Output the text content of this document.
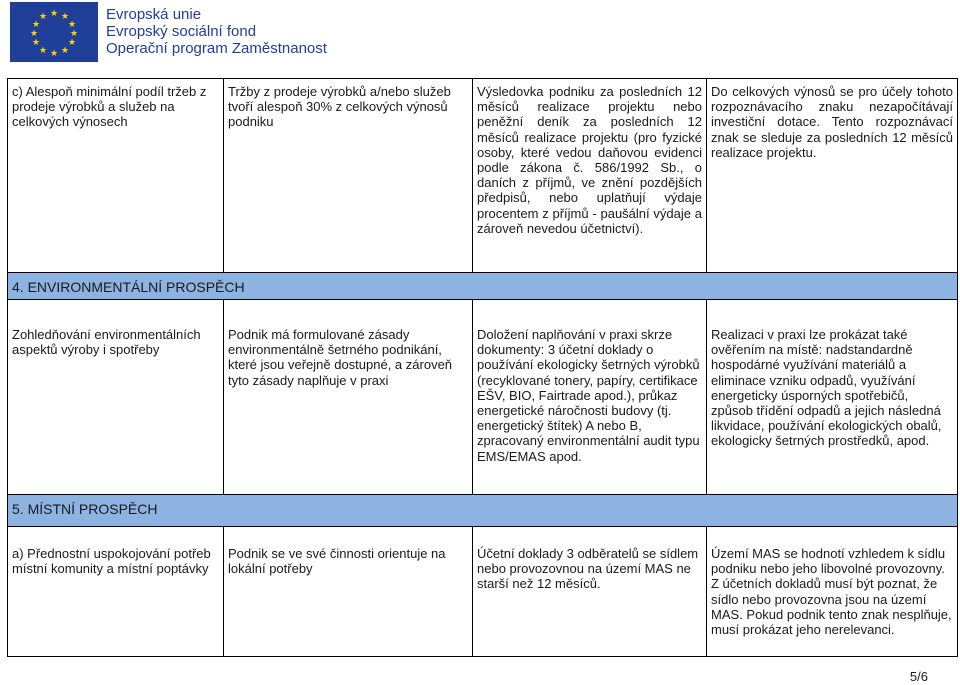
★ ★
★
★
★
★
★
★
★
★
★
★	Evropská unie
Evropský sociální fond
Operační program Zaměstnanost
c) Alespoň minimální podíl tržeb z prodeje výrobků a služeb na celkových výnosech
Tržby z prodeje výrobků a/nebo služeb tvoří alespoň 30% z celkových výnosů podniku
Výsledovka podniku za posledních 12 měsíců realizace projektu nebo peněžní deník za posledních 12 měsíců realizace projektu (pro fyzické osoby, které vedou daňovou evidenci podle zákona č. 586/1992 Sb., o daních z příjmů, ve znění pozdějších předpisů, nebo uplatňují výdaje procentem z příjmů - paušální výdaje a zároveň nevedou účetnictví).
Do celkových výnosů se pro účely tohoto rozpoznávacího znaku nezapočítávají investiční dotace. Tento rozpoznávací znak se sleduje za posledních 12 měsíců realizace projektu.
4. ENVIRONMENTÁLNÍ PROSPĚCH
Zohledňování environmentálních aspektů výroby i spotřeby
Podnik má formulované zásady environmentálně šetrného podnikání, které jsou veřejně dostupné, a zároveň tyto zásady naplňuje v praxi
Doložení naplňování v praxi skrze dokumenty: 3 účetní doklady o používání ekologicky šetrných výrobků (recyklované tonery, papíry, certifikace EŠV, BIO, Fairtrade apod.), průkaz energetické náročnosti budovy (tj. energetický štítek) A nebo B, zpracovaný environmentální audit typu EMS/EMAS apod.
Realizaci v praxi lze prokázat také ověřením na místě: nadstandardně hospodárné využívání materiálů a eliminace vzniku odpadů, využívání energeticky úsporných spotřebičů, způsob třídění odpadů a jejich následná likvidace, používání ekologických obalů, ekologicky šetrných prostředků, apod.
5. MÍSTNÍ PROSPĚCH
a) Přednostní uspokojování potřeb místní komunity a místní poptávky
Podnik se ve své činnosti orientuje na lokální potřeby
Účetní doklady 3 odběratelů se sídlem nebo provozovnou na území MAS ne starší než 12 měsíců.
Území MAS se hodnotí vzhledem k sídlu podniku nebo jeho libovolné provozovny. Z účetních dokladů musí být poznat, že sídlo nebo provozovna jsou na území MAS. Pokud podnik tento znak nesplňuje, musí prokázat jeho nerelevanci.
5/6
